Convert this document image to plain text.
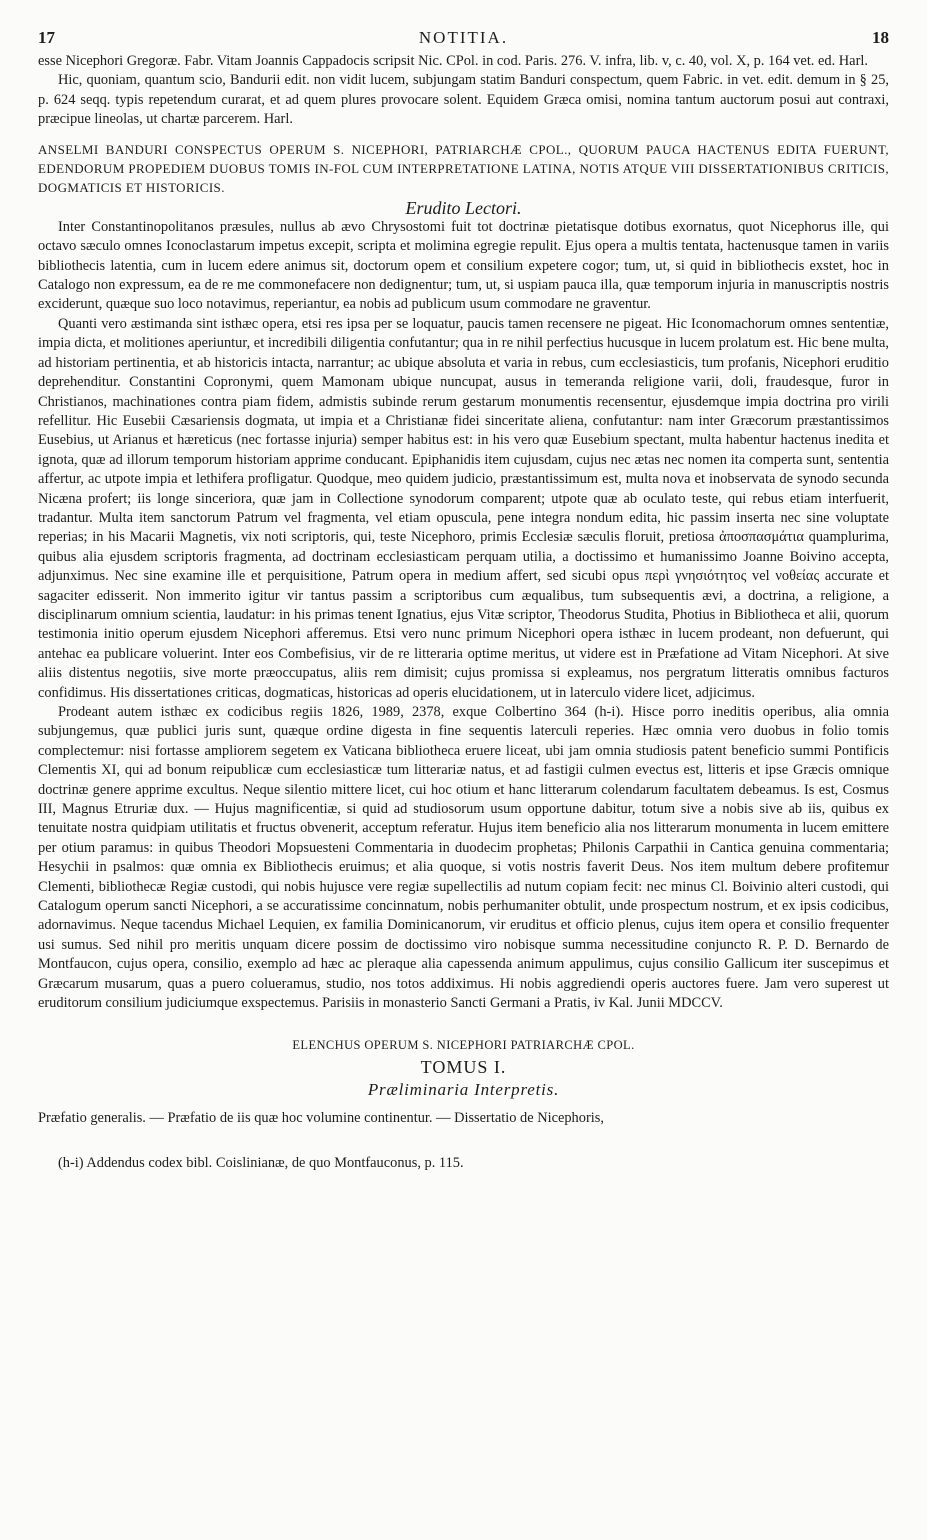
17	NOTITIA.	18

esse Nicephori Gregoræ. Fabr. Vitam Joannis Cappadocis scripsit Nic. CPol. in cod. Paris. 276. V. infra, lib. v, c. 40, vol. X, p. 164 vet. ed. Harl.

Hic, quoniam, quantum scio, Bandurii edit. non vidit lucem, subjungam statim Banduri conspectum, quem Fabric. in vet. edit. demum in § 25, p. 624 seqq. typis repetendum curarat, et ad quem plures provocare solent. Equidem Græca omisi, nomina tantum auctorum posui aut contraxi, præcipue lineolas, ut chartæ parcerem. Harl.

ANSELMI BANDURI CONSPECTUS OPERUM S. NICEPHORI, PATRIARCHÆ CPOL., QUORUM PAUCA HACTENUS EDITA FUERUNT, EDENDORUM PROPEDIEM DUOBUS TOMIS IN-FOL CUM INTERPRETATIONE LATINA, NOTIS ATQUE VIII DISSERTATIONIBUS CRITICIS, DOGMATICIS ET HISTORICIS.

Erudito Lectori.

Inter Constantinopolitanos præsules, nullus ab ævo Chrysostomi fuit tot doctrinæ pietatisque dotibus exornatus, quot Nicephorus ille, qui octavo sæculo omnes Iconoclastarum impetus excepit, scripta et molimina egregie repulit. Ejus opera a multis tentata, hactenusque tamen in variis bibliothecis latentia, cum in lucem edere animus sit, doctorum opem et consilium expetere cogor; tum, ut, si quid in bibliothecis exstet, hoc in Catalogo non expressum, ea de re me commonefacere non dedignentur; tum, ut, si uspiam pauca illa, quæ temporum injuria in manuscriptis nostris exciderunt, quæque suo loco notavimus, reperiantur, ea nobis ad publicum usum commodare ne graventur.

Quanti vero æstimanda sint isthæc opera, etsi res ipsa per se loquatur, paucis tamen recensere ne pigeat. Hic Iconomachorum omnes sententiæ, impia dicta, et molitiones aperiuntur, et incredibili diligentia confutantur; qua in re nihil perfectius hucusque in lucem prolatum est. Hic bene multa, ad historiam pertinentia, et ab historicis intacta, narrantur; ac ubique absoluta et varia in rebus, cum ecclesiasticis, tum profanis, Nicephori eruditio deprehenditur. Constantini Copronymi, quem Mamonam ubique nuncupat, ausus in temeranda religione varii, doli, fraudesque, furor in Christianos, machinationes contra piam fidem, admistis subinde rerum gestarum monumentis recensentur, ejusdemque impia doctrina pro virili refellitur. Hic Eusebii Cæsariensis dogmata, ut impia et a Christianæ fidei sinceritate aliena, confutantur: nam inter Græcorum præstantissimos Eusebius, ut Arianus et hæreticus (nec fortasse injuria) semper habitus est: in his vero quæ Eusebium spectant, multa habentur hactenus inedita et ignota, quæ ad illorum temporum historiam apprime conducant. Epiphanidis item cujusdam, cujus nec ætas nec nomen ita comperta sunt, sententia affertur, ac utpote impia et lethifera profligatur. Quodque, meo quidem judicio, præstantissimum est, multa nova et inobservata de synodo secunda Nicæna profert; iis longe sinceriora, quæ jam in Collectione synodorum comparent; utpote quæ ab oculato teste, qui rebus etiam interfuerit, tradantur. Multa item sanctorum Patrum vel fragmenta, vel etiam opuscula, pene integra nondum edita, hic passim inserta nec sine voluptate reperias; in his Macarii Magnetis, vix noti scriptoris, qui, teste Nicephoro, primis Ecclesiæ sæculis floruit, pretiosa ἀποσπασμάτια quamplurima, quibus alia ejusdem scriptoris fragmenta, ad doctrinam ecclesiasticam perquam utilia, a doctissimo et humanissimo Joanne Boivino accepta, adjunximus. Nec sine examine ille et perquisitione, Patrum opera in medium affert, sed sicubi opus περὶ γνησιότητος vel νοθείας accurate et sagaciter edisserit. Non immerito igitur vir tantus passim a scriptoribus cum æqualibus, tum subsequentis ævi, a doctrina, a religione, a disciplinarum omnium scientia, laudatur: in his primas tenent Ignatius, ejus Vitæ scriptor, Theodorus Studita, Photius in Bibliotheca et alii, quorum testimonia initio operum ejusdem Nicephori afferemus. Etsi vero nunc primum Nicephori opera isthæc in lucem prodeant, non defuerunt, qui antehac ea publicare voluerint. Inter eos Combefisius, vir de re litteraria optime meritus, ut videre est in Præfatione ad Vitam Nicephori. At sive aliis distentus negotiis, sive morte præoccupatus, aliis rem dimisit; cujus promissa si expleamus, nos pergratum litteratis omnibus facturos confidimus. His dissertationes criticas, dogmaticas, historicas ad operis elucidationem, ut in laterculo videre licet, adjicimus.

Prodeant autem isthæc ex codicibus regiis 1826, 1989, 2378, exque Colbertino 364 (h-i). Hisce porro ineditis operibus, alia omnia subjungemus, quæ publici juris sunt, quæque ordine digesta in fine sequentis laterculi reperies. Hæc omnia vero duobus in folio tomis complectemur: nisi fortasse ampliorem segetem ex Vaticana bibliotheca eruere liceat, ubi jam omnia studiosis patent beneficio summi Pontificis Clementis XI, qui ad bonum reipublicæ cum ecclesiasticæ tum litterariæ natus, et ad fastigii culmen evectus est, litteris et ipse Græcis omnique doctrinæ genere apprime excultus. Neque silentio mittere licet, cui hoc otium et hanc litterarum colendarum facultatem debeamus. Is est, Cosmus III, Magnus Etruriæ dux. — Hujus magnificentiæ, si quid ad studiosorum usum opportune dabitur, totum sive a nobis sive ab iis, quibus ex tenuitate nostra quidpiam utilitatis et fructus obvenerit, acceptum referatur. Hujus item beneficio alia nos litterarum monumenta in lucem emittere per otium paramus: in quibus Theodori Mopsuesteni Commentaria in duodecim prophetas; Philonis Carpathii in Cantica genuina commentaria; Hesychii in psalmos: quæ omnia ex Bibliothecis eruimus; et alia quoque, si votis nostris faverit Deus. Nos item multum debere profitemur Clementi, bibliothecæ Regiæ custodi, qui nobis hujusce vere regiæ supellectilis ad nutum copiam fecit: nec minus Cl. Boivinio alteri custodi, qui Catalogum operum sancti Nicephori, a se accuratissime concinnatum, nobis perhumaniter obtulit, unde prospectum nostrum, et ex ipsis codicibus, adornavimus. Neque tacendus Michael Lequien, ex familia Dominicanorum, vir eruditus et officio plenus, cujus item opera et consilio frequenter usi sumus. Sed nihil pro meritis unquam dicere possim de doctissimo viro nobisque summa necessitudine conjuncto R. P. D. Bernardo de Montfaucon, cujus opera, consilio, exemplo ad hæc ac pleraque alia capessenda animum appulimus, cujus consilio Gallicum iter suscepimus et Græcarum musarum, quas a puero colueramus, studio, nos totos addiximus. Hi nobis aggrediendi operis auctores fuere. Jam vero superest ut eruditorum consilium judiciumque exspectemus. Parisiis in monasterio Sancti Germani a Pratis, iv Kal. Junii MDCCV.

ELENCHUS OPERUM S. NICEPHORI PATRIARCHÆ CPOL.

TOMUS I.

Præliminaria Interpretis.

Præfatio generalis. — Præfatio de iis quæ hoc volumine continentur. — Dissertatio de Nicephoris,

(h-i) Addendus codex bibl. Coislinianæ, de quo Montfauconus, p. 115.
